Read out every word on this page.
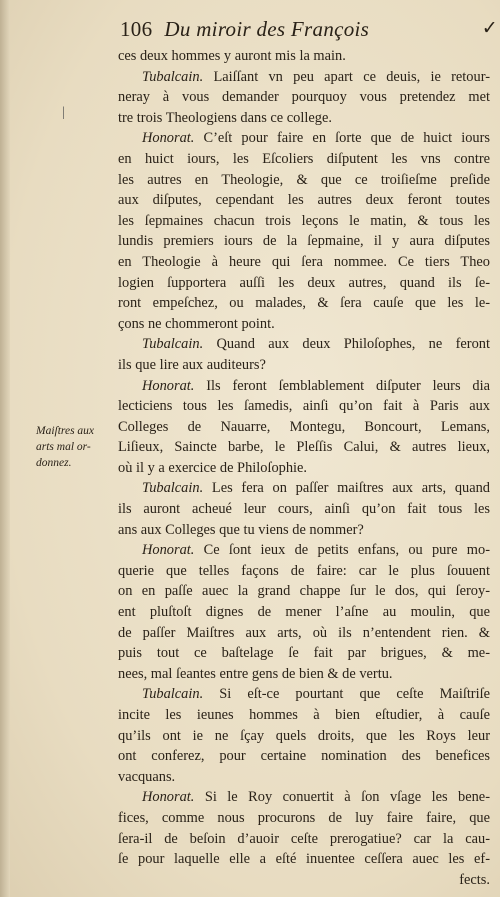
106 Du miroir des François	✓
|
Maiſtres aux
arts mal or-
donnez.
ces deux hommes y auront mis la main.
Tubalcain. Laiſſant vn peu apart ce deuis, ie retour-
neray à vous demander pourquoy vous pretendez met
tre trois Theologiens dans ce college.
Honorat. C’eſt pour faire en ſorte que de huict iours
en huict iours, les Eſcoliers diſputent les vns contre
les autres en Theologie, & que ce troiſieſme preſide
aux diſputes, cependant les autres deux feront toutes
les ſepmaines chacun trois leçons le matin, & tous les
lundis premiers iours de la ſepmaine, il y aura diſputes
en Theologie à heure qui ſera nommee. Ce tiers Theo
logien ſupportera auſſi les deux autres, quand ils ſe-
ront empeſchez, ou malades, & ſera cauſe que les le-
çons ne chommeront point.
Tubalcain. Quand aux deux Philoſophes, ne feront
ils que lire aux auditeurs?
Honorat. Ils feront ſemblablement diſputer leurs dia
lecticiens tous les ſamedis, ainſi qu’on fait à Paris aux
Colleges de Nauarre, Montegu, Boncourt, Lemans,
Liſieux, Saincte barbe, le Pleſſis Calui, & autres lieux,
où il y a exercice de Philoſophie.
Tubalcain. Les fera on paſſer maiſtres aux arts, quand
ils auront acheué leur cours, ainſi qu’on fait tous les
ans aux Colleges que tu viens de nommer?
Honorat. Ce ſont ieux de petits enfans, ou pure mo-
querie que telles façons de faire: car le plus ſouuent
on en paſſe auec la grand chappe ſur le dos, qui ſeroy-
ent pluſtoſt dignes de mener l’aſne au moulin, que
de paſſer Maiſtres aux arts, où ils n’entendent rien. &
puis tout ce baſtelage ſe fait par brigues, & me-
nees, mal ſeantes entre gens de bien & de vertu.
Tubalcain. Si eſt-ce pourtant que ceſte Maiſtriſe
incite les ieunes hommes à bien eſtudier, à cauſe
qu’ils ont ie ne ſçay quels droits, que les Roys leur
ont conferez, pour certaine nomination des benefices
vacquans.
Honorat. Si le Roy conuertit à ſon vſage les bene-
fices, comme nous procurons de luy faire faire, que
ſera-il de beſoin d’auoir ceſte prerogatiue? car la cau-
ſe pour laquelle elle a eſté inuentee ceſſera auec les ef-
fects.
